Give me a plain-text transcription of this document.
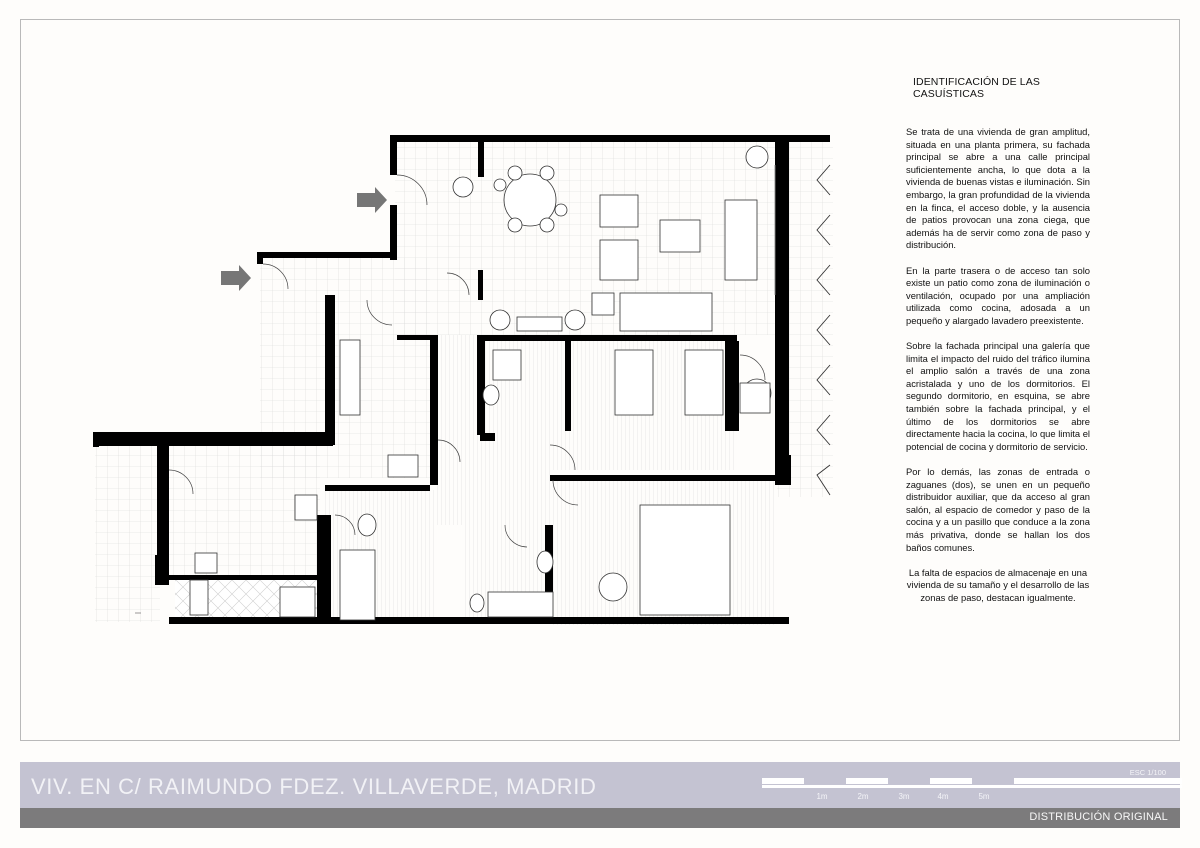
IDENTIFICACIÓN DE LAS CASUÍSTICAS

Se trata de una vivienda de gran amplitud, situada en una planta primera, su fachada principal se abre a una calle principal suficientemente ancha, lo que dota a la vivienda de buenas vistas e iluminación. Sin embargo, la gran profundidad de la vivienda en la finca, el acceso doble, y la ausencia de patios provocan una zona ciega, que además ha de servir como zona de paso y distribución.

En la parte trasera o de acceso tan solo existe un patio como zona de iluminación o ventilación, ocupado por una ampliación utilizada como cocina, adosada a un pequeño y alargado lavadero preexistente.

Sobre la fachada principal una galería que limita el impacto del ruido del tráfico ilumina el amplio salón a través de una zona acristalada y uno de los dormitorios. El segundo dormitorio, en esquina, se abre también sobre la fachada principal, y el último de los dormitorios se abre directamente hacia la cocina, lo que limita el potencial de cocina y dormitorio de servicio.

Por lo demás, las zonas de entrada o zaguanes (dos), se unen en un pequeño distribuidor auxiliar, que da acceso al gran salón, al espacio de comedor y paso de la cocina y a un pasillo que conduce a la zona más privativa, donde se hallan los dos baños comunes.

La falta de espacios de almacenaje en una vivienda de su tamaño y el desarrollo de las zonas de paso, destacan igualmente.

VIV. EN C/ RAIMUNDO FDEZ. VILLAVERDE, MADRID
ESC 1/100
1m	2m	3m	4m	5m
DISTRIBUCIÓN ORIGINAL
